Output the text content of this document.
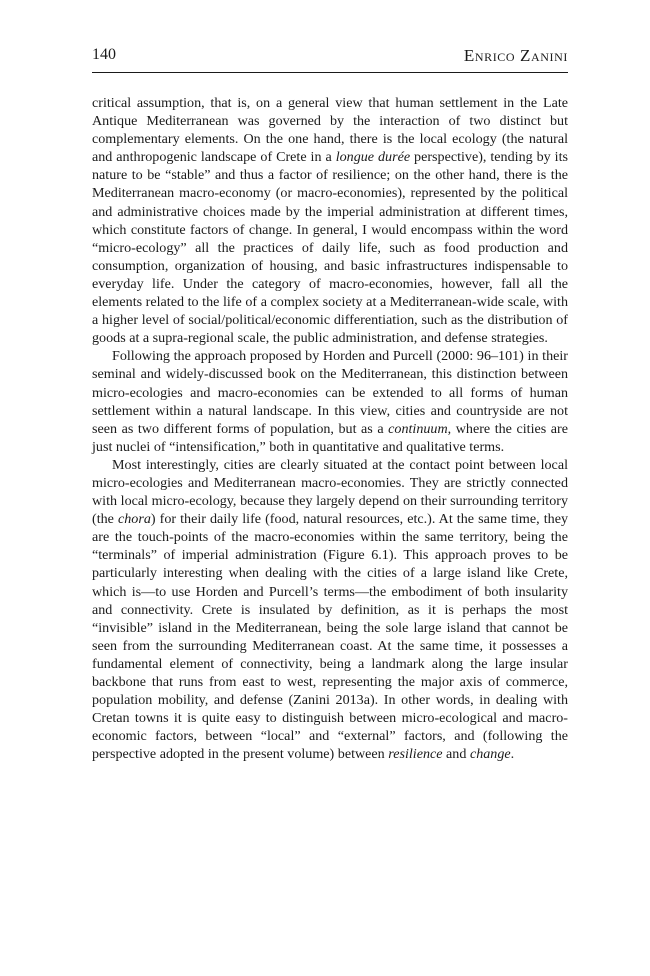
140	Enrico Zanini

critical assumption, that is, on a general view that human settlement in the Late Antique Mediterranean was governed by the interaction of two distinct but complementary elements. On the one hand, there is the local ecology (the natural and anthropogenic landscape of Crete in a longue durée perspective), tending by its nature to be “stable” and thus a factor of resilience; on the other hand, there is the Mediterranean macro-economy (or macro-economies), represented by the political and administrative choices made by the imperial administration at different times, which constitute factors of change. In general, I would encompass within the word “micro-ecology” all the practices of daily life, such as food production and consumption, organization of housing, and basic infrastructures indispensable to everyday life. Under the category of macro-economies, however, fall all the elements related to the life of a complex society at a Mediterranean-wide scale, with a higher level of social/political/economic differentiation, such as the distribution of goods at a supra-regional scale, the public administration, and defense strategies.

Following the approach proposed by Horden and Purcell (2000: 96–101) in their seminal and widely-discussed book on the Mediterranean, this distinction between micro-ecologies and macro-economies can be extended to all forms of human settlement within a natural landscape. In this view, cities and countryside are not seen as two different forms of population, but as a continuum, where the cities are just nuclei of “intensification,” both in quantitative and qualitative terms.

Most interestingly, cities are clearly situated at the contact point between local micro-ecologies and Mediterranean macro-economies. They are strictly connected with local micro-ecology, because they largely depend on their surrounding territory (the chora) for their daily life (food, natural resources, etc.). At the same time, they are the touch-points of the macro-economies within the same territory, being the “terminals” of imperial administration (Figure 6.1). This approach proves to be particularly interesting when dealing with the cities of a large island like Crete, which is—to use Horden and Purcell’s terms—the embodiment of both insularity and connectivity. Crete is insulated by definition, as it is perhaps the most “invisible” island in the Mediterranean, being the sole large island that cannot be seen from the surrounding Mediterranean coast. At the same time, it possesses a fundamental element of connectivity, being a landmark along the large insular backbone that runs from east to west, representing the major axis of commerce, population mobility, and defense (Zanini 2013a). In other words, in dealing with Cretan towns it is quite easy to distinguish between micro-ecological and macro-economic factors, between “local” and “external” factors, and (following the perspective adopted in the present volume) between resilience and change.
